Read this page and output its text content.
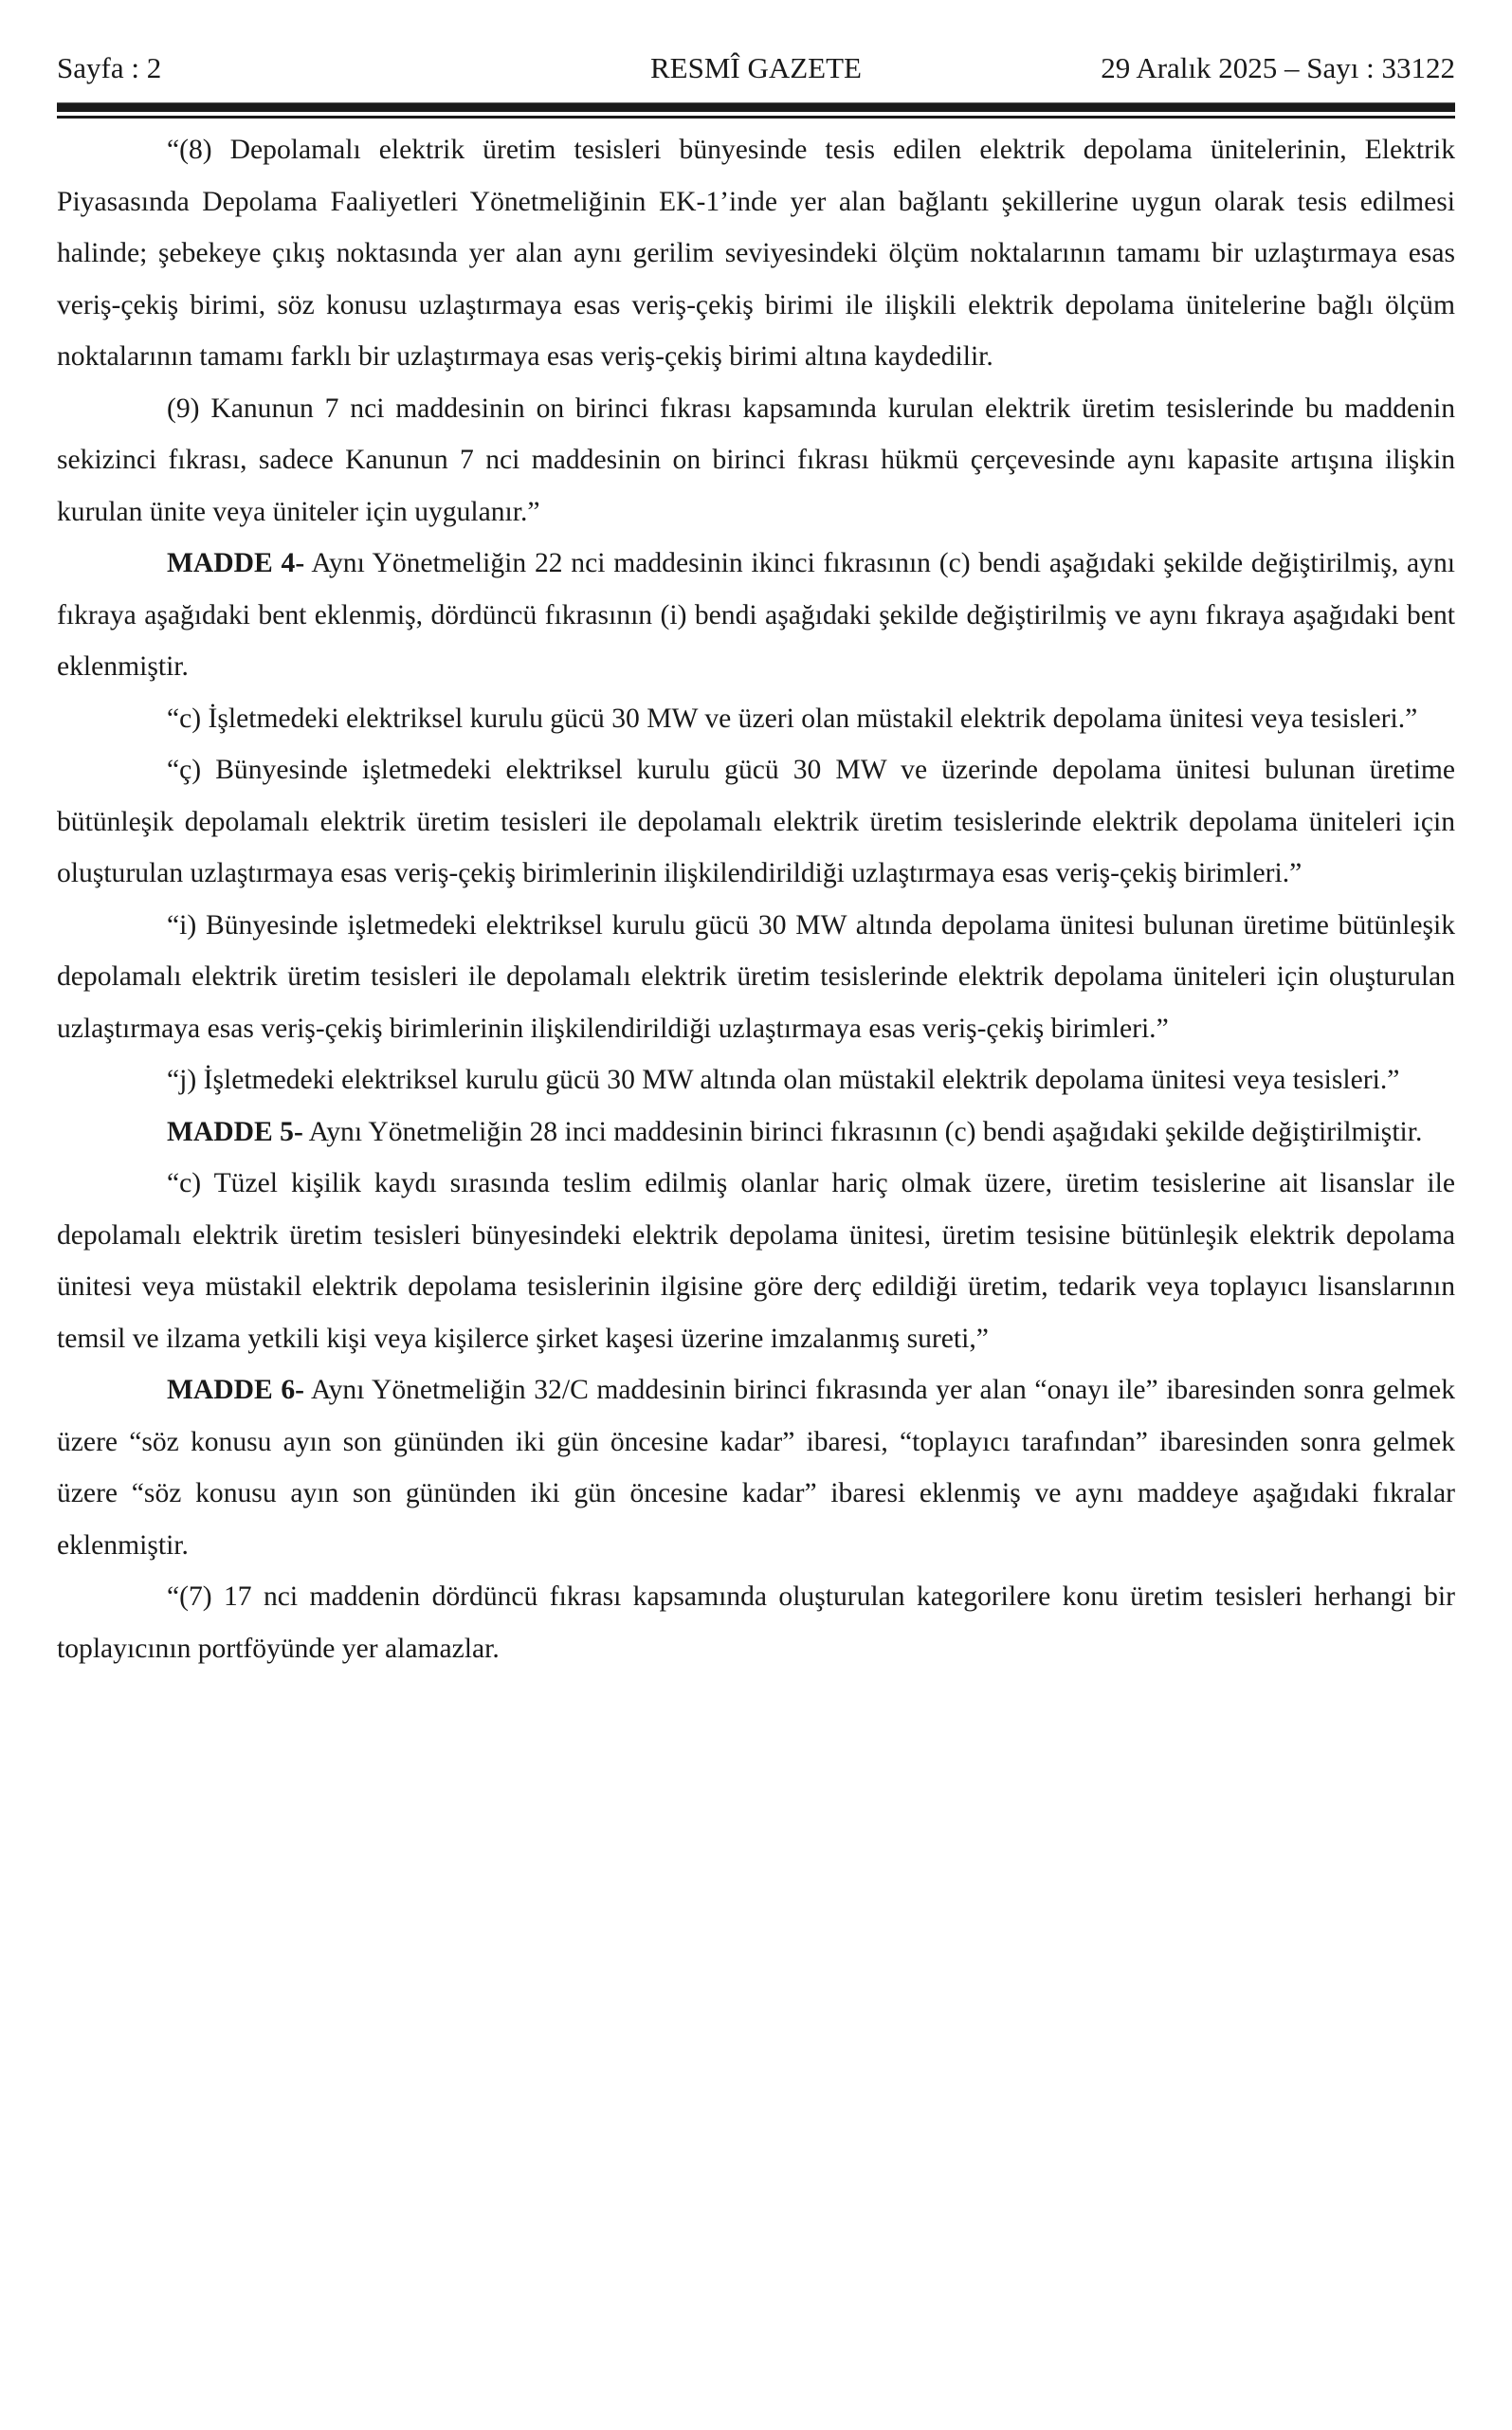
Sayfa : 2	RESMÎ GAZETE	29 Aralık 2025 – Sayı : 33122

“(8) Depolamalı elektrik üretim tesisleri bünyesinde tesis edilen elektrik depolama ünitelerinin, Elektrik Piyasasında Depolama Faaliyetleri Yönetmeliğinin EK-1’inde yer alan bağlantı şekillerine uygun olarak tesis edilmesi halinde; şebekeye çıkış noktasında yer alan aynı gerilim seviyesindeki ölçüm noktalarının tamamı bir uzlaştırmaya esas veriş-çekiş birimi, söz konusu uzlaştırmaya esas veriş-çekiş birimi ile ilişkili elektrik depolama ünitelerine bağlı ölçüm noktalarının tamamı farklı bir uzlaştırmaya esas veriş-çekiş birimi altına kaydedilir.

(9) Kanunun 7 nci maddesinin on birinci fıkrası kapsamında kurulan elektrik üretim tesislerinde bu maddenin sekizinci fıkrası, sadece Kanunun 7 nci maddesinin on birinci fıkrası hükmü çerçevesinde aynı kapasite artışına ilişkin kurulan ünite veya üniteler için uygulanır.”

MADDE 4- Aynı Yönetmeliğin 22 nci maddesinin ikinci fıkrasının (c) bendi aşağıdaki şekilde değiştirilmiş, aynı fıkraya aşağıdaki bent eklenmiş, dördüncü fıkrasının (i) bendi aşağıdaki şekilde değiştirilmiş ve aynı fıkraya aşağıdaki bent eklenmiştir.

“c) İşletmedeki elektriksel kurulu gücü 30 MW ve üzeri olan müstakil elektrik depolama ünitesi veya tesisleri.”

“ç) Bünyesinde işletmedeki elektriksel kurulu gücü 30 MW ve üzerinde depolama ünitesi bulunan üretime bütünleşik depolamalı elektrik üretim tesisleri ile depolamalı elektrik üretim tesislerinde elektrik depolama üniteleri için oluşturulan uzlaştırmaya esas veriş-çekiş birimlerinin ilişkilendirildiği uzlaştırmaya esas veriş-çekiş birimleri.”

“i) Bünyesinde işletmedeki elektriksel kurulu gücü 30 MW altında depolama ünitesi bulunan üretime bütünleşik depolamalı elektrik üretim tesisleri ile depolamalı elektrik üretim tesislerinde elektrik depolama üniteleri için oluşturulan uzlaştırmaya esas veriş-çekiş birimlerinin ilişkilendirildiği uzlaştırmaya esas veriş-çekiş birimleri.”

“j) İşletmedeki elektriksel kurulu gücü 30 MW altında olan müstakil elektrik depolama ünitesi veya tesisleri.”

MADDE 5- Aynı Yönetmeliğin 28 inci maddesinin birinci fıkrasının (c) bendi aşağıdaki şekilde değiştirilmiştir.

“c) Tüzel kişilik kaydı sırasında teslim edilmiş olanlar hariç olmak üzere, üretim tesislerine ait lisanslar ile depolamalı elektrik üretim tesisleri bünyesindeki elektrik depolama ünitesi, üretim tesisine bütünleşik elektrik depolama ünitesi veya müstakil elektrik depolama tesislerinin ilgisine göre derç edildiği üretim, tedarik veya toplayıcı lisanslarının temsil ve ilzama yetkili kişi veya kişilerce şirket kaşesi üzerine imzalanmış sureti,”

MADDE 6- Aynı Yönetmeliğin 32/C maddesinin birinci fıkrasında yer alan “onayı ile” ibaresinden sonra gelmek üzere “söz konusu ayın son gününden iki gün öncesine kadar” ibaresi, “toplayıcı tarafından” ibaresinden sonra gelmek üzere “söz konusu ayın son gününden iki gün öncesine kadar” ibaresi eklenmiş ve aynı maddeye aşağıdaki fıkralar eklenmiştir.

“(7) 17 nci maddenin dördüncü fıkrası kapsamında oluşturulan kategorilere konu üretim tesisleri herhangi bir toplayıcının portföyünde yer alamazlar.
